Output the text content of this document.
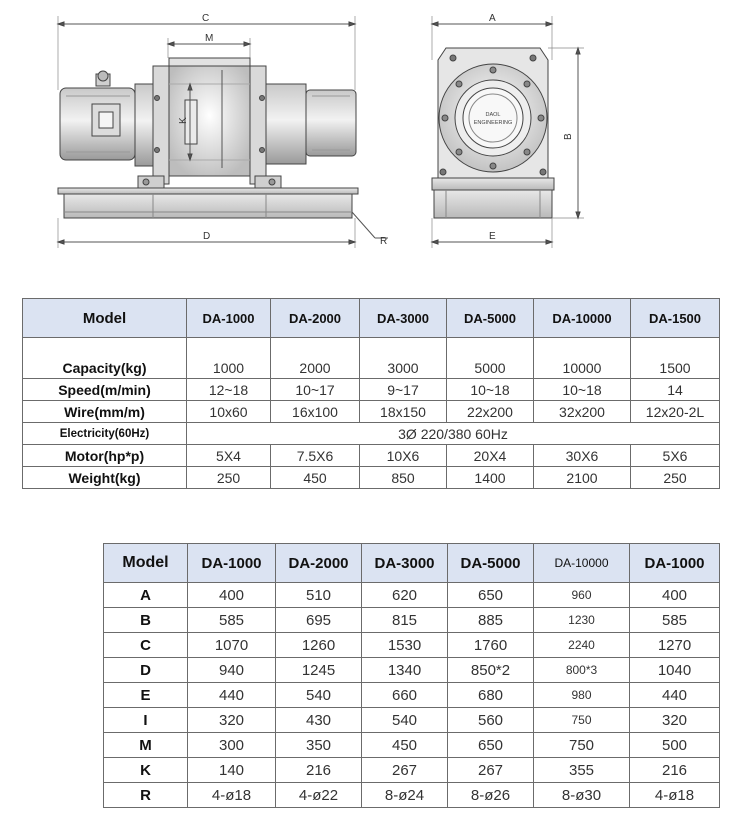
C
M
K
D	R
A
B
E
DAOL
ENGINEERING
Model	DA-1000	DA-2000	DA-3000	DA-5000	DA-10000	DA-1500
Capacity(kg)	1000	2000	3000	5000	10000	1500
Speed(m/min)	12~18	10~17	9~17	10~18	10~18	14
Wire(mm/m)	10x60	16x100	18x150	22x200	32x200	12x20-2L
Electricity(60Hz)	3Ø 220/380 60Hz					
Motor(hp*p)	5X4	7.5X6	10X6	20X4	30X6	5X6
Weight(kg)	250	450	850	1400	2100	250
Model	DA-1000	DA-2000	DA-3000	DA-5000	DA-10000	DA-1000
A	400	510	620	650	960	400
B	585	695	815	885	1230	585
C	1070	1260	1530	1760	2240	1270
D	940	1245	1340	850*2	800*3	1040
E	440	540	660	680	980	440
I	320	430	540	560	750	320
M	300	350	450	650	750	500
K	140	216	267	267	355	216
R	4-ø18	4-ø22	8-ø24	8-ø26	8-ø30	4-ø18
